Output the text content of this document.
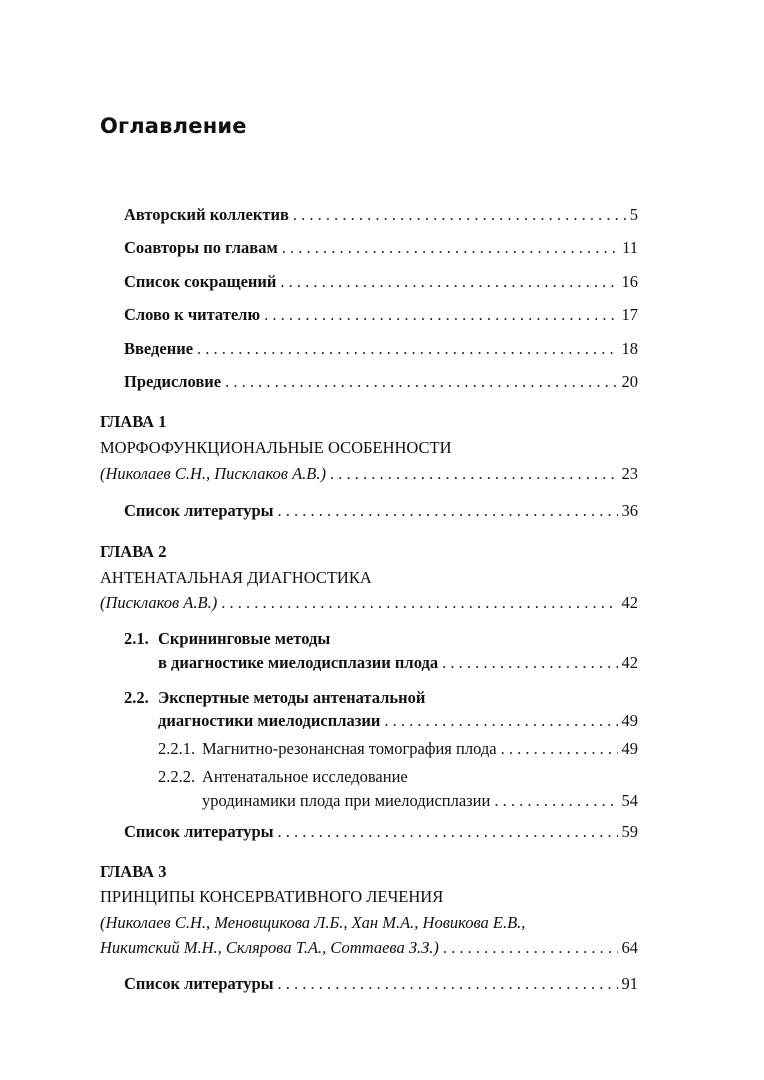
Оглавление
Авторский коллектив . . .	5
Соавторы по главам . . .	11
Список сокращений . . .	16
Слово к читателю . . .	17
Введение . . .	18
Предисловие . . .	20
ГЛАВА 1
МОРФОФУНКЦИОНАЛЬНЫЕ ОСОБЕННОСТИ
(Николаев С.Н., Писклаков А.В.) . . .	23
Список литературы . . .	36
ГЛАВА 2
АНТЕНАТАЛЬНАЯ ДИАГНОСТИКА
(Писклаков А.В.) . . .	42
2.1. Скрининговые методы
в диагностике миелодисплазии плода . . .	42
2.2. Экспертные методы антенатальной
диагностики миелодисплазии . . .	49
2.2.1. Магнитно-резонансная томография плода . . .	49
2.2.2. Антенатальное исследование
уродинамики плода при миелодисплазии . . .	54
Список литературы . . .	59
ГЛАВА 3
ПРИНЦИПЫ КОНСЕРВАТИВНОГО ЛЕЧЕНИЯ
(Николаев С.Н., Меновщикова Л.Б., Хан М.А., Новикова Е.В.,
Никитский М.Н., Склярова Т.А., Соттаева З.З.) . . .	64
Список литературы . . .	91
